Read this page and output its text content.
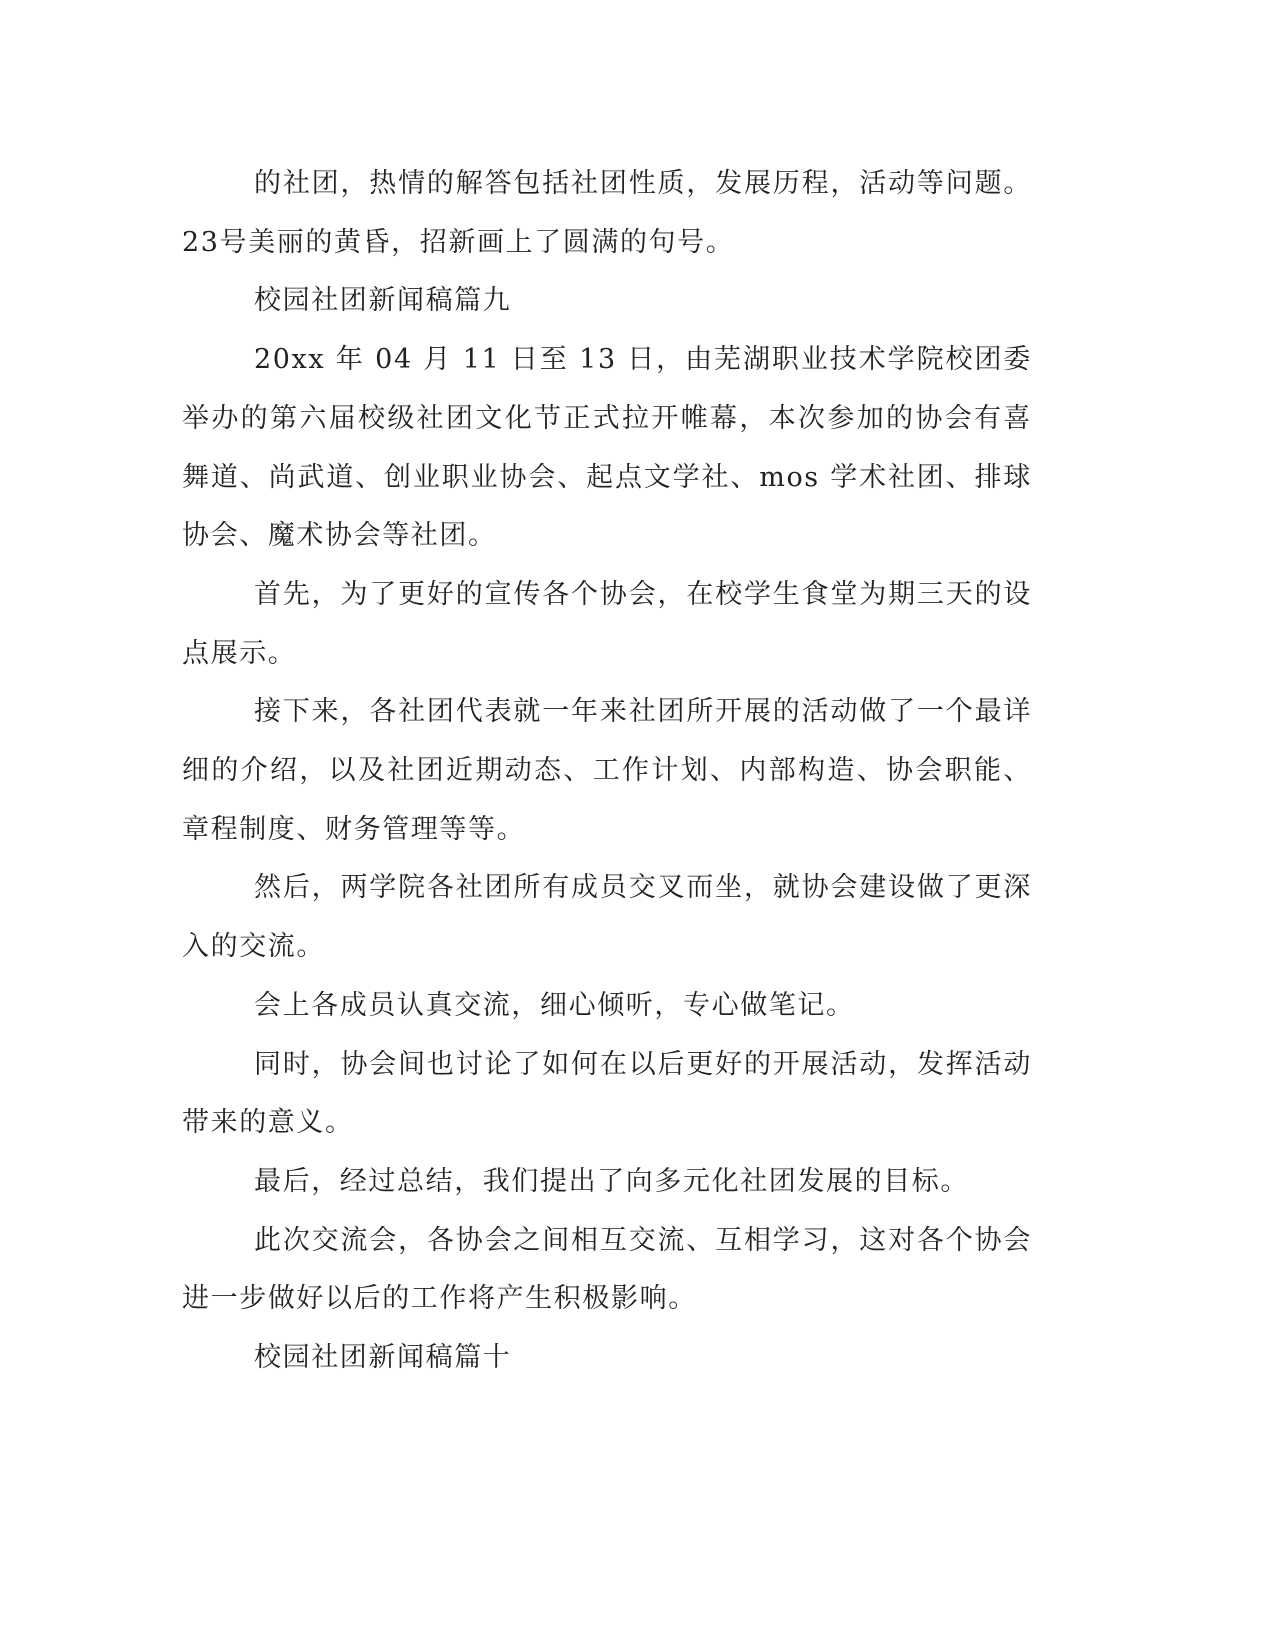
的社团，热情的解答包括社团性质，发展历程，活动等问题。23号美丽的黄昏，招新画上了圆满的句号。

校园社团新闻稿篇九

20xx 年 04 月 11 日至 13 日，由芜湖职业技术学院校团委举办的第六届校级社团文化节正式拉开帷幕，本次参加的协会有喜舞道、尚武道、创业职业协会、起点文学社、mos 学术社团、排球协会、魔术协会等社团。

首先，为了更好的宣传各个协会，在校学生食堂为期三天的设点展示。

接下来，各社团代表就一年来社团所开展的活动做了一个最详细的介绍，以及社团近期动态、工作计划、内部构造、协会职能、章程制度、财务管理等等。

然后，两学院各社团所有成员交叉而坐，就协会建设做了更深入的交流。

会上各成员认真交流，细心倾听，专心做笔记。

同时，协会间也讨论了如何在以后更好的开展活动，发挥活动带来的意义。

最后，经过总结，我们提出了向多元化社团发展的目标。

此次交流会，各协会之间相互交流、互相学习，这对各个协会进一步做好以后的工作将产生积极影响。

校园社团新闻稿篇十
